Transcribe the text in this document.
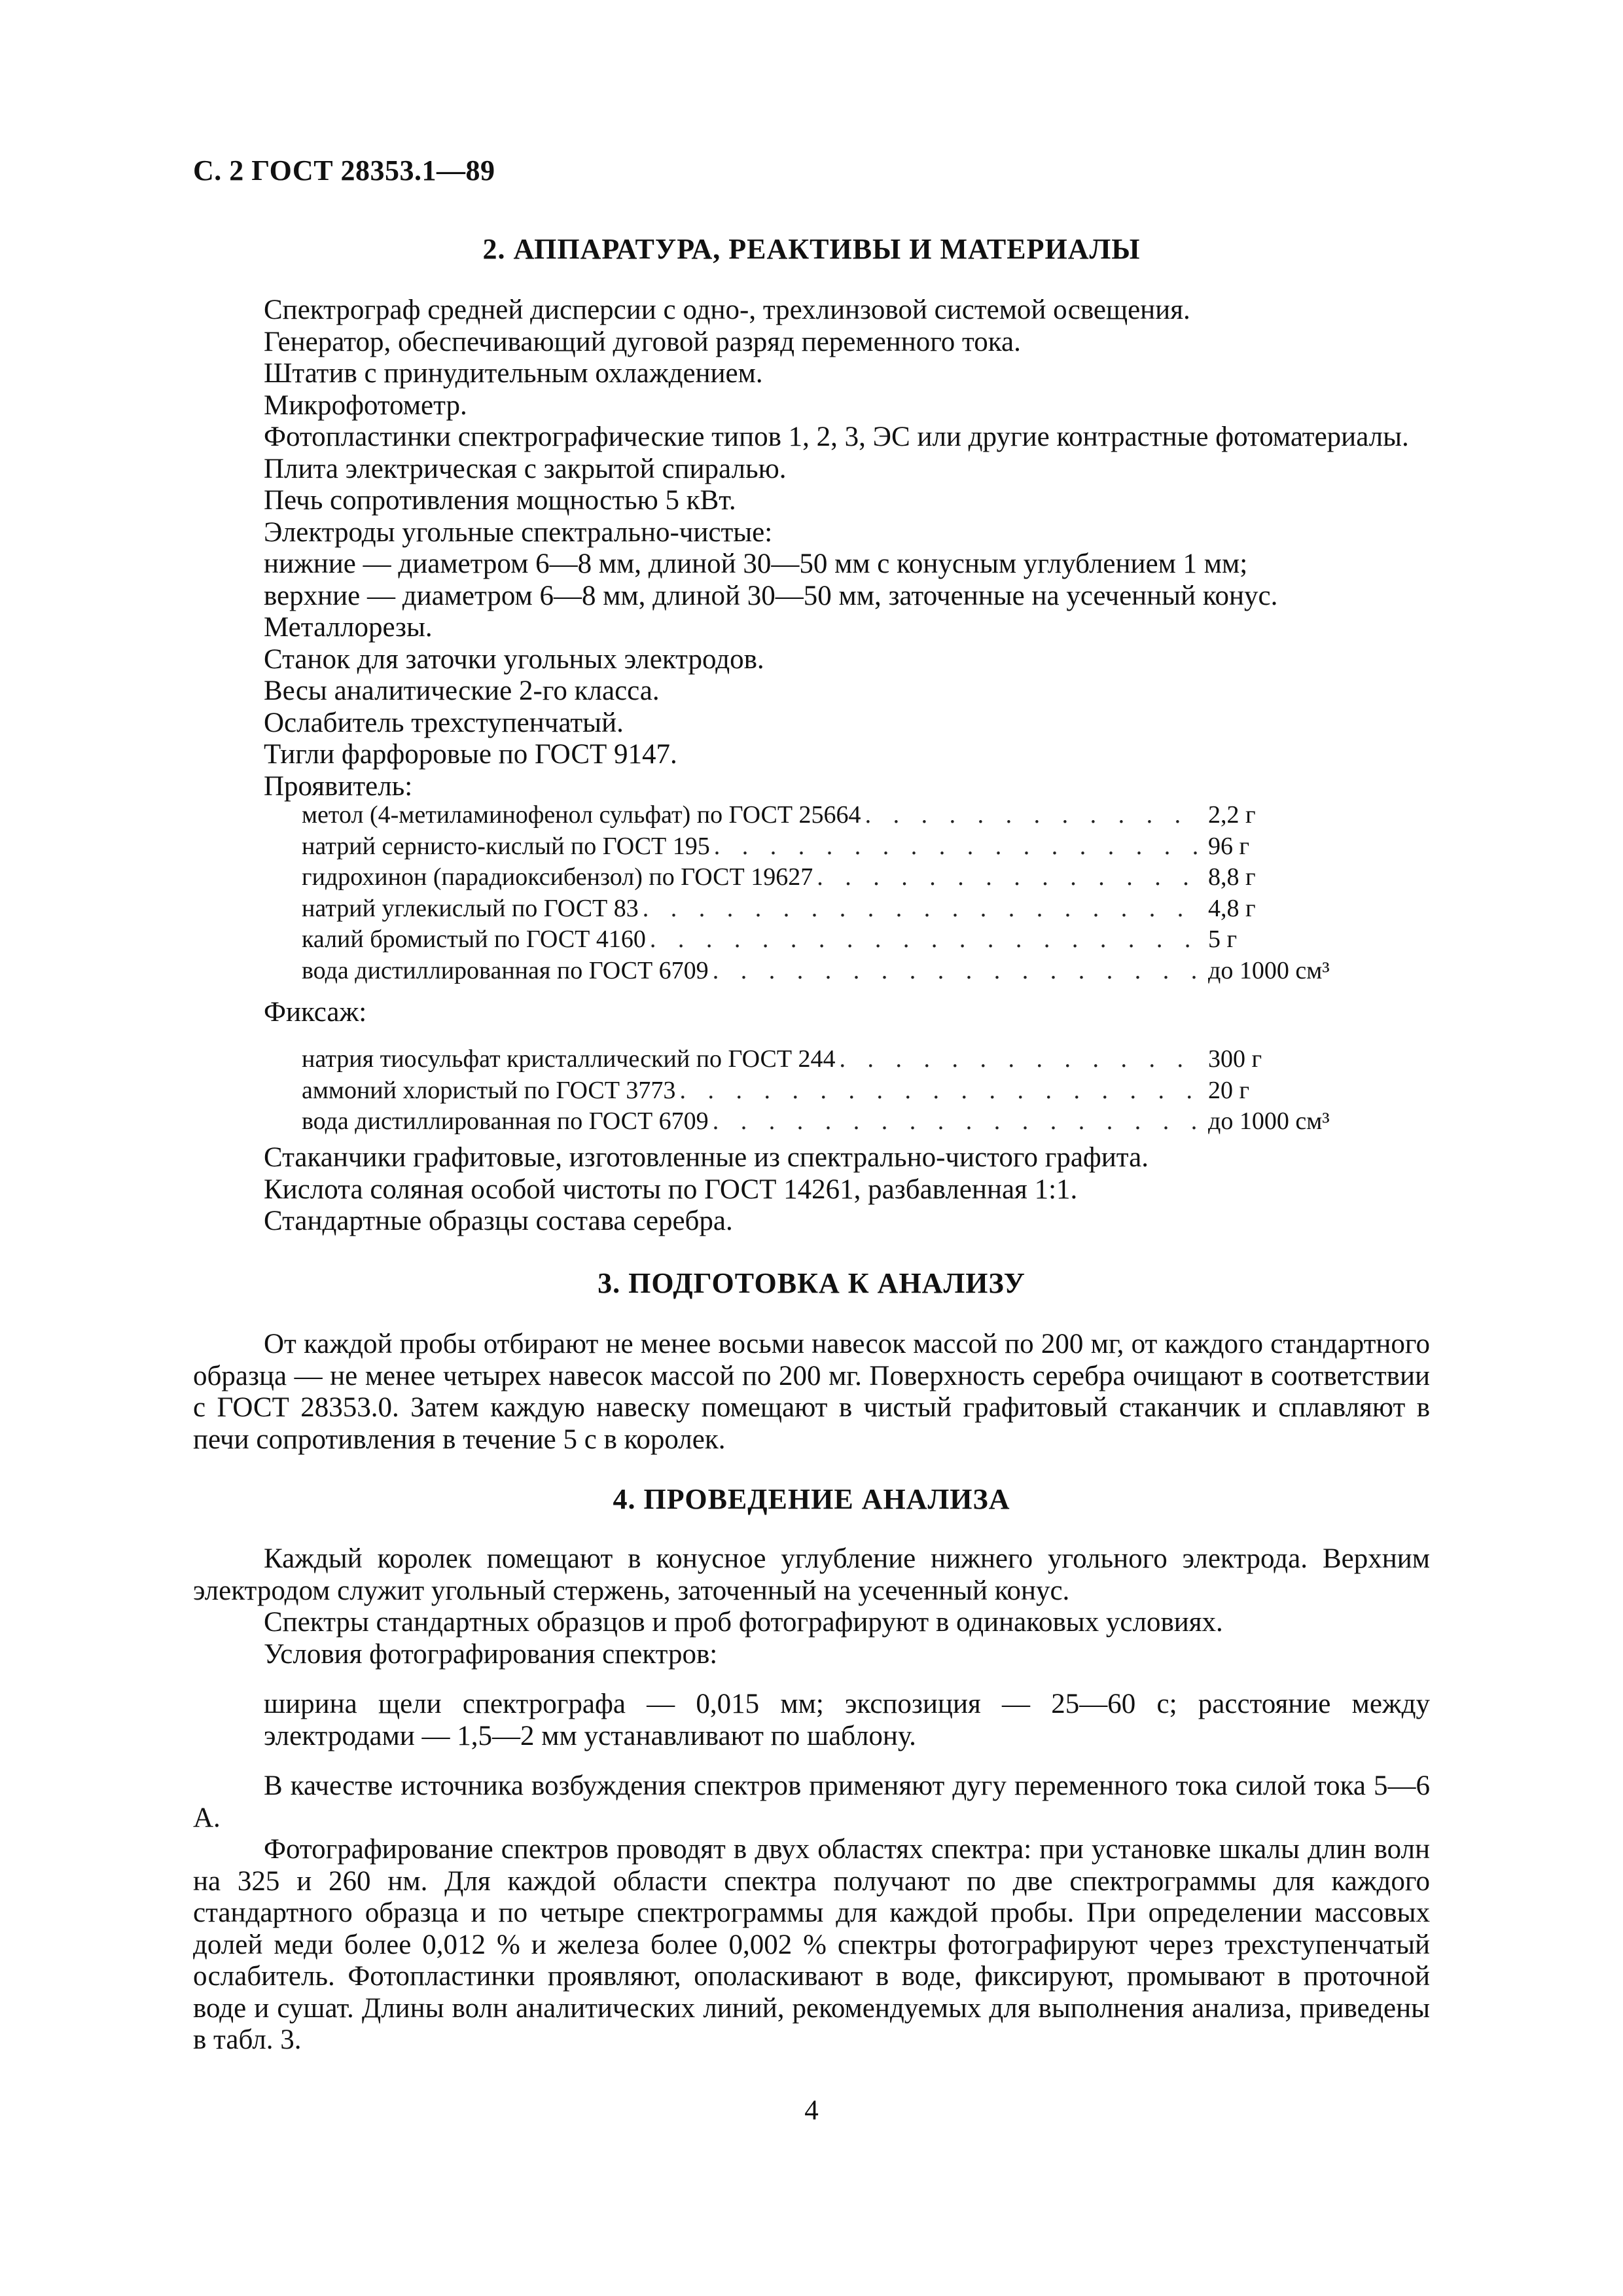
С. 2 ГОСТ 28353.1—89
2. АППАРАТУРА, РЕАКТИВЫ И МАТЕРИАЛЫ
Спектрограф средней дисперсии с одно-, трехлинзовой системой освещения.
Генератор, обеспечивающий дуговой разряд переменного тока.
Штатив с принудительным охлаждением.
Микрофотометр.
Фотопластинки спектрографические типов 1, 2, 3, ЭС или другие контрастные фотоматериалы.
Плита электрическая с закрытой спиралью.
Печь сопротивления мощностью 5 кВт.
Электроды угольные спектрально-чистые:
нижние — диаметром 6—8 мм, длиной 30—50 мм с конусным углублением 1 мм;
верхние — диаметром 6—8 мм, длиной 30—50 мм, заточенные на усеченный конус.
Металлорезы.
Станок для заточки угольных электродов.
Весы аналитические 2-го класса.
Ослабитель трехступенчатый.
Тигли фарфоровые по ГОСТ 9147.
Проявитель:
метол (4-метиламинофенол сульфат) по ГОСТ 25664 . . .	2,2 г
натрий сернисто-кислый по ГОСТ 195 . . .	96 г
гидрохинон (парадиоксибензол) по ГОСТ 19627 . . .	8,8 г
натрий углекислый по ГОСТ 83 . . .	4,8 г
калий бромистый по ГОСТ 4160 . . .	5 г
вода дистиллированная по ГОСТ 6709 . . .	до 1000 см³
Фиксаж:
натрия тиосульфат кристаллический по ГОСТ 244 . . .	300 г
аммоний хлористый по ГОСТ 3773 . . .	20 г
вода дистиллированная по ГОСТ 6709 . . .	до 1000 см³
Стаканчики графитовые, изготовленные из спектрально-чистого графита.
Кислота соляная особой чистоты по ГОСТ 14261, разбавленная 1:1.
Стандартные образцы состава серебра.
3. ПОДГОТОВКА К АНАЛИЗУ

От каждой пробы отбирают не менее восьми навесок массой по 200 мг, от каждого стандартного образца — не менее четырех навесок массой по 200 мг. Поверхность серебра очищают в соответствии с ГОСТ 28353.0. Затем каждую навеску помещают в чистый графитовый стаканчик и сплавляют в печи сопротивления в течение 5 с в королек.

4. ПРОВЕДЕНИЕ АНАЛИЗА

Каждый королек помещают в конусное углубление нижнего угольного электрода. Верхним электродом служит угольный стержень, заточенный на усеченный конус.

Спектры стандартных образцов и проб фотографируют в одинаковых условиях.

Условия фотографирования спектров:

ширина щели спектрографа — 0,015 мм; экспозиция — 25—60 с; расстояние между электродами — 1,5—2 мм устанавливают по шаблону.

В качестве источника возбуждения спектров применяют дугу переменного тока силой тока 5—6 А.

Фотографирование спектров проводят в двух областях спектра: при установке шкалы длин волн на 325 и 260 нм. Для каждой области спектра получают по две спектрограммы для каждого стандартного образца и по четыре спектрограммы для каждой пробы. При определении массовых долей меди более 0,012 % и железа более 0,002 % спектры фотографируют через трехступенчатый ослабитель. Фотопластинки проявляют, ополаскивают в воде, фиксируют, промывают в проточной воде и сушат. Длины волн аналитических линий, рекомендуемых для выполнения анализа, приведены в табл. 3.

4
